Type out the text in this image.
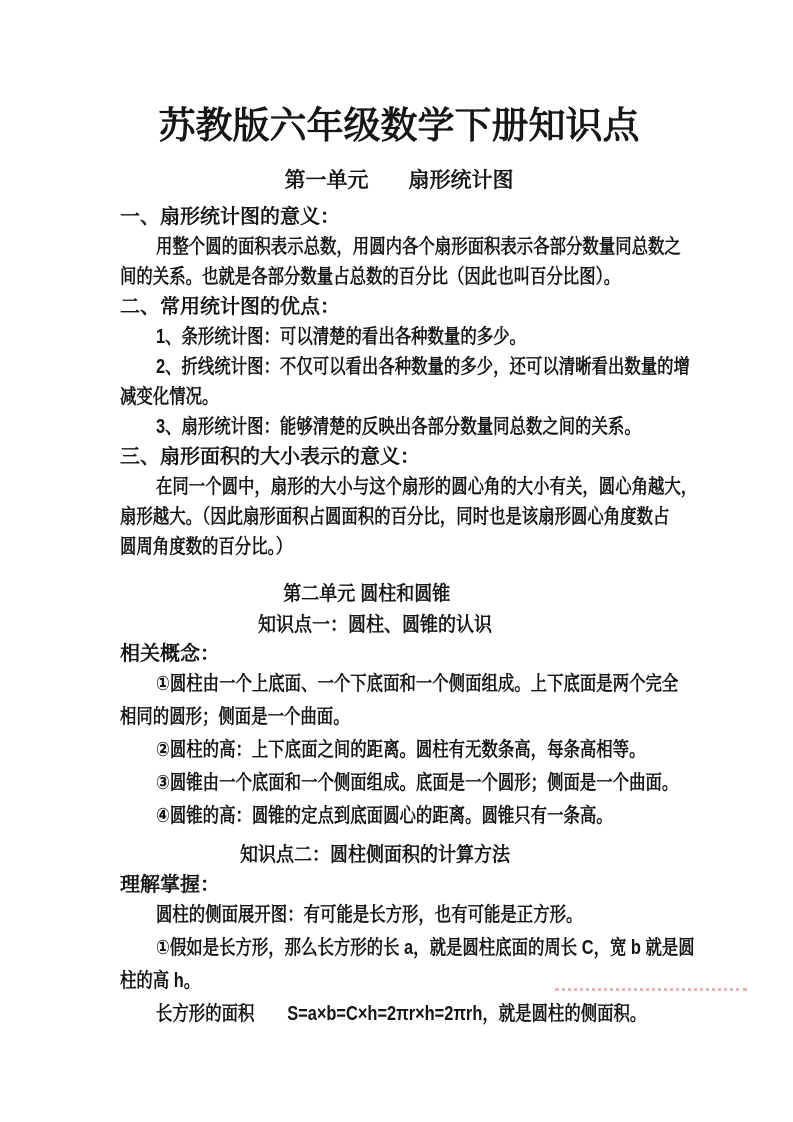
苏教版六年级数学下册知识点
第一单元 扇形统计图
一、扇形统计图的意义：
用整个圆的面积表示总数，用圆内各个扇形面积表示各部分数量同总数之
间的关系。也就是各部分数量占总数的百分比（因此也叫百分比图）。
二、常用统计图的优点：
1、条形统计图：可以清楚的看出各种数量的多少。
2、折线统计图：不仅可以看出各种数量的多少，还可以清晰看出数量的增
减变化情况。
3、扇形统计图：能够清楚的反映出各部分数量同总数之间的关系。
三、扇形面积的大小表示的意义：
在同一个圆中，扇形的大小与这个扇形的圆心角的大小有关，圆心角越大，
扇形越大。（因此扇形面积占圆面积的百分比，同时也是该扇形圆心角度数占
圆周角度数的百分比。）
第二单元 圆柱和圆锥
知识点一：圆柱、圆锥的认识
相关概念：
①圆柱由一个上底面、一个下底面和一个侧面组成。上下底面是两个完全
相同的圆形；侧面是一个曲面。
②圆柱的高：上下底面之间的距离。圆柱有无数条高，每条高相等。
③圆锥由一个底面和一个侧面组成。底面是一个圆形；侧面是一个曲面。
④圆锥的高：圆锥的定点到底面圆心的距离。圆锥只有一条高。
知识点二：圆柱侧面积的计算方法
理解掌握：
圆柱的侧面展开图：有可能是长方形，也有可能是正方形。
①假如是长方形，那么长方形的长 a，就是圆柱底面的周长 C，宽 b 就是圆
柱的高 h。
长方形的面积　　S=a×b=C×h=2πr×h=2πrh，就是圆柱的侧面积。
